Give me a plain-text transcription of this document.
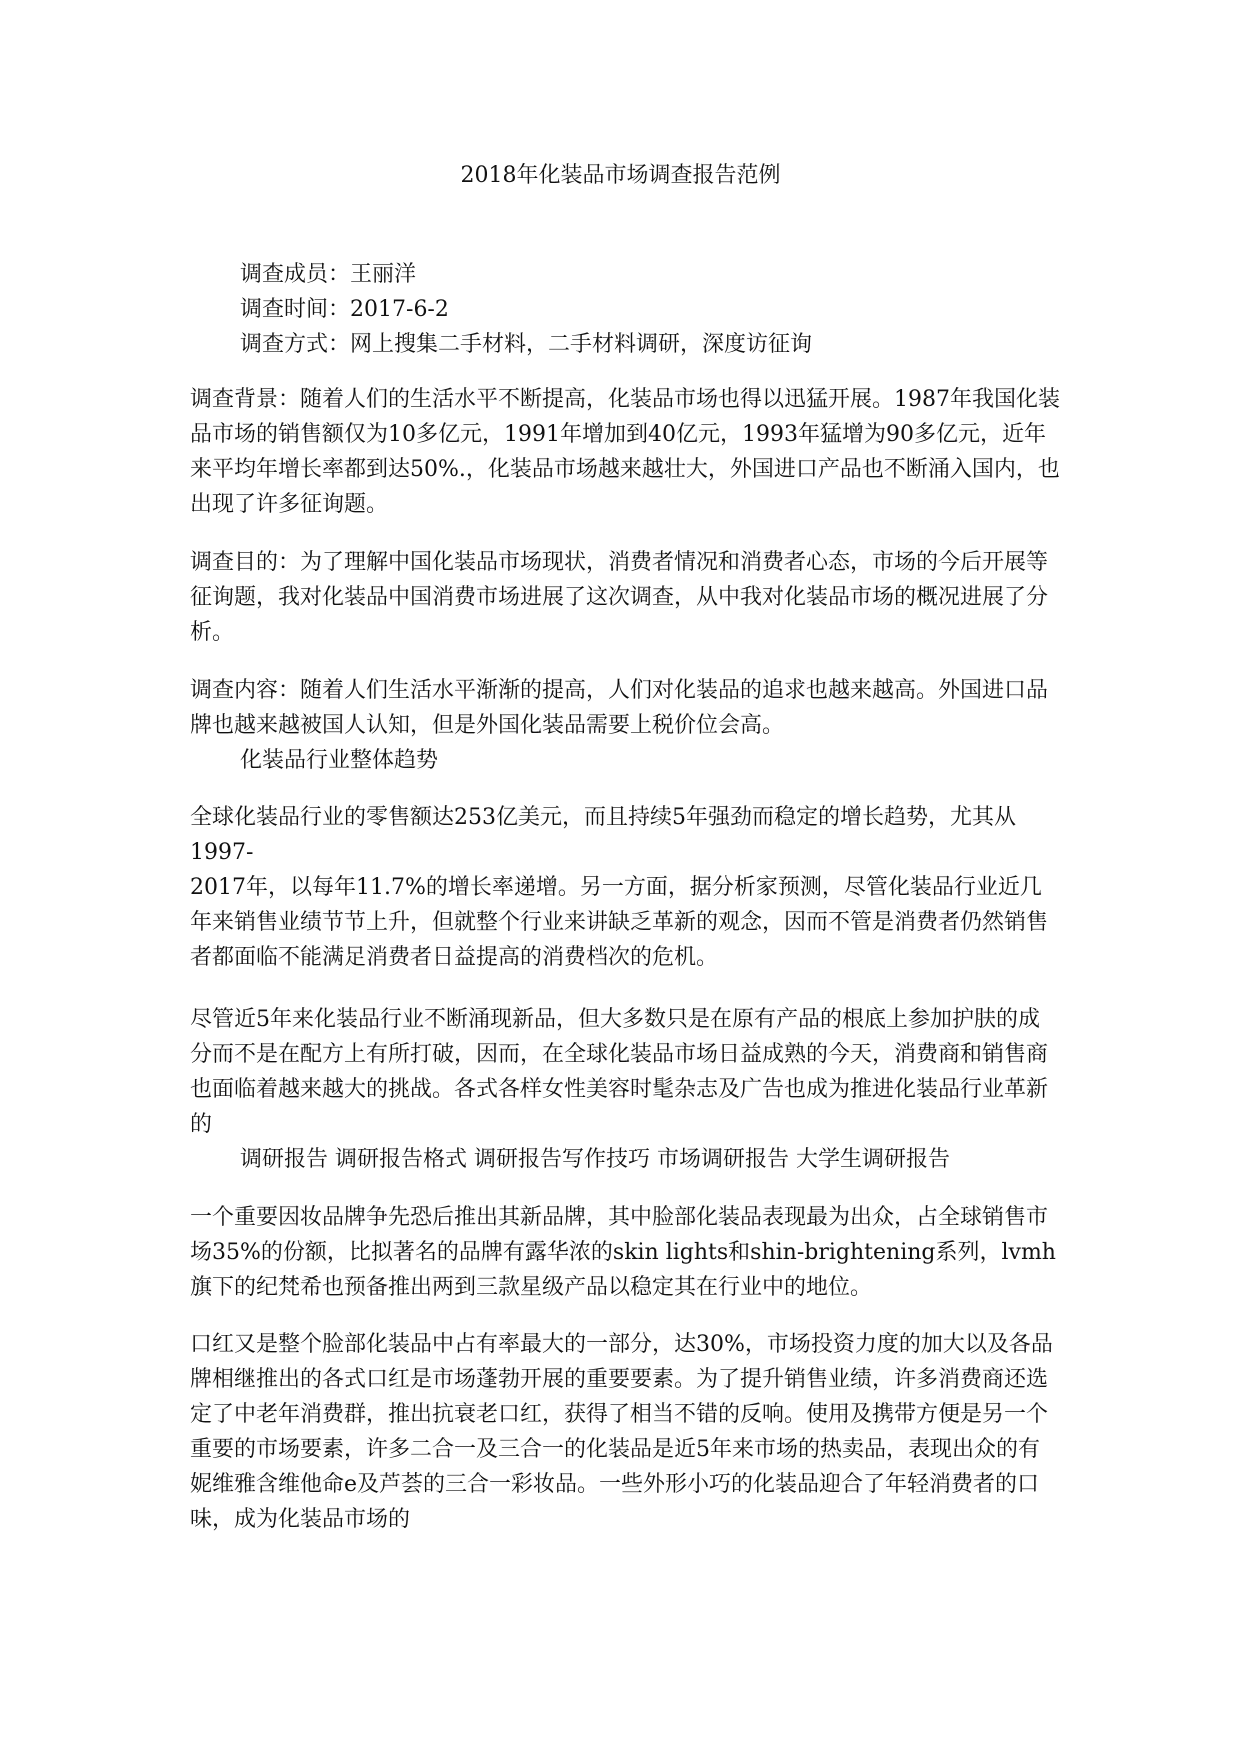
2018年化装品市场调查报告范例
调查成员： 王丽洋
调查时间： 2017-6-2
调查方式： 网上搜集二手材料，二手材料调研，深度访征询

调查背景：随着人们的生活水平不断提高，化装品市场也得以迅猛开展。1987年我国化装品市场的销售额仅为10多亿元，1991年增加到40亿元，1993年猛增为90多亿元，近年来平均年增长率都到达50%.，化装品市场越来越壮大，外国进口产品也不断涌入国内，也出现了许多征询题。

调查目的：为了理解中国化装品市场现状，消费者情况和消费者心态，市场的今后开展等征询题，我对化装品中国消费市场进展了这次调查，从中我对化装品市场的概况进展了分析。

调查内容：随着人们生活水平渐渐的提高，人们对化装品的追求也越来越高。外国进口品牌也越来越被国人认知，但是外国化装品需要上税价位会高。

化装品行业整体趋势

全球化装品行业的零售额达253亿美元，而且持续5年强劲而稳定的增长趋势，尤其从1997-

2017年，以每年11.7%的增长率递增。另一方面，据分析家预测，尽管化装品行业近几年来销售业绩节节上升，但就整个行业来讲缺乏革新的观念，因而不管是消费者仍然销售者都面临不能满足消费者日益提高的消费档次的危机。

尽管近5年来化装品行业不断涌现新品，但大多数只是在原有产品的根底上参加护肤的成分而不是在配方上有所打破，因而，在全球化装品市场日益成熟的今天，消费商和销售商也面临着越来越大的挑战。各式各样女性美容时髦杂志及广告也成为推进化装品行业革新的

调研报告 调研报告格式 调研报告写作技巧 市场调研报告 大学生调研报告

一个重要因妆品牌争先恐后推出其新品牌，其中脸部化装品表现最为出众，占全球销售市场35%的份额，比拟著名的品牌有露华浓的skin lights和shin-brightening系列，lvmh旗下的纪梵希也预备推出两到三款星级产品以稳定其在行业中的地位。

口红又是整个脸部化装品中占有率最大的一部分，达30%，市场投资力度的加大以及各品牌相继推出的各式口红是市场蓬勃开展的重要要素。为了提升销售业绩，许多消费商还选定了中老年消费群，推出抗衰老口红，获得了相当不错的反响。使用及携带方便是另一个重要的市场要素，许多二合一及三合一的化装品是近5年来市场的热卖品，表现出众的有妮维雅含维他命e及芦荟的三合一彩妆品。一些外形小巧的化装品迎合了年轻消费者的口味，成为化装品市场的
